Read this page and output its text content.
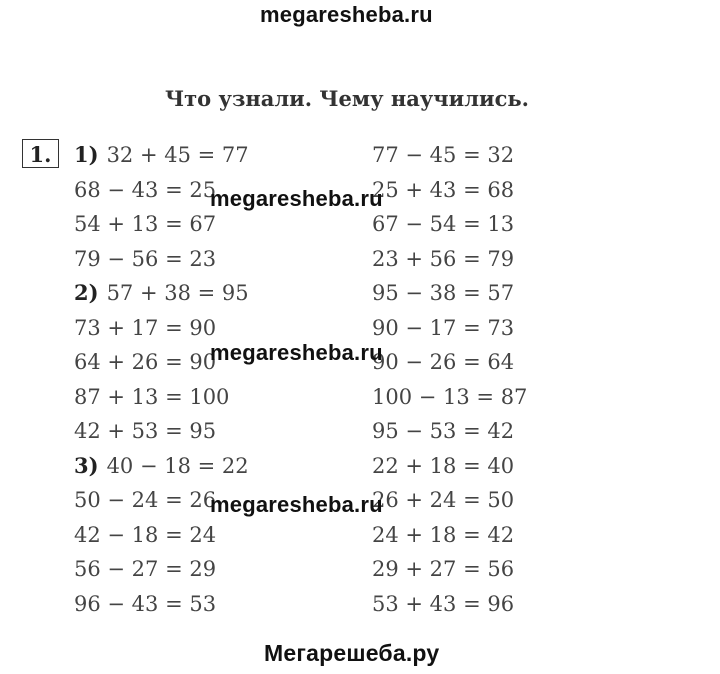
megaresheba.ru
Что узнали. Чему научились.
1.	1) 32 + 45 = 77	77 − 45 = 32
68 − 43 = 25	25 + 43 = 68
54 + 13 = 67	67 − 54 = 13
79 − 56 = 23	23 + 56 = 79
2) 57 + 38 = 95	95 − 38 = 57
73 + 17 = 90	90 − 17 = 73
64 + 26 = 90	90 − 26 = 64
87 + 13 = 100	100 − 13 = 87
42 + 53 = 95	95 − 53 = 42
3) 40 − 18 = 22	22 + 18 = 40
50 − 24 = 26	26 + 24 = 50
42 − 18 = 24	24 + 18 = 42
56 − 27 = 29	29 + 27 = 56
96 − 43 = 53	53 + 43 = 96
megaresheba.ru
megaresheba.ru
megaresheba.ru
Мегарешеба.ру
